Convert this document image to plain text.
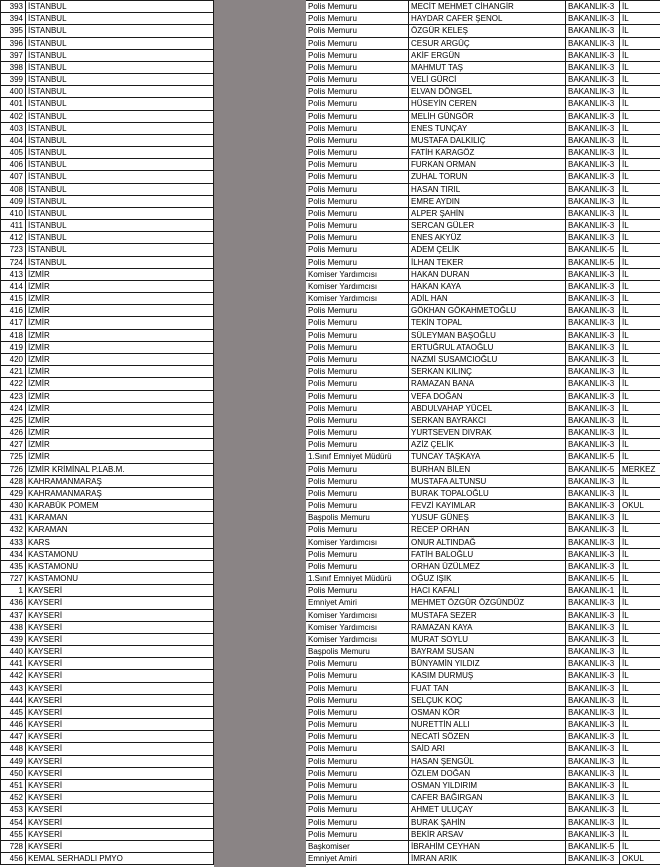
393 İSTANBUL	Polis Memuru	MECİT MEHMET CİHANGİR	BAKANLIK-3 İL
394 İSTANBUL	Polis Memuru	HAYDAR CAFER ŞENOL	BAKANLIK-3 İL
395 İSTANBUL	Polis Memuru	ÖZGÜR KELEŞ	BAKANLIK-3 İL
396 İSTANBUL	Polis Memuru	CESUR ARGÜÇ	BAKANLIK-3 İL
397 İSTANBUL	Polis Memuru	AKİF ERGÜN	BAKANLIK-3 İL
398 İSTANBUL	Polis Memuru	MAHMUT TAŞ	BAKANLIK-3 İL
399 İSTANBUL	Polis Memuru	VELİ GÜRCİ	BAKANLIK-3 İL
400 İSTANBUL	Polis Memuru	ELVAN DÖNGEL	BAKANLIK-3 İL
401 İSTANBUL	Polis Memuru	HÜSEYİN CEREN	BAKANLIK-3 İL
402 İSTANBUL	Polis Memuru	MELİH GÜNGÖR	BAKANLIK-3 İL
403 İSTANBUL	Polis Memuru	ENES TUNÇAY	BAKANLIK-3 İL
404 İSTANBUL	Polis Memuru	MUSTAFA DALKILIÇ	BAKANLIK-3 İL
405 İSTANBUL	Polis Memuru	FATİH KARAGÖZ	BAKANLIK-3 İL
406 İSTANBUL	Polis Memuru	FURKAN ORMAN	BAKANLIK-3 İL
407 İSTANBUL	Polis Memuru	ZUHAL TORUN	BAKANLIK-3 İL
408 İSTANBUL	Polis Memuru	HASAN TIRIL	BAKANLIK-3 İL
409 İSTANBUL	Polis Memuru	EMRE AYDIN	BAKANLIK-3 İL
410 İSTANBUL	Polis Memuru	ALPER ŞAHİN	BAKANLIK-3 İL
411 İSTANBUL	Polis Memuru	SERCAN GÜLER	BAKANLIK-3 İL
412 İSTANBUL	Polis Memuru	ENES AKYÜZ	BAKANLIK-3 İL
723 İSTANBUL	Polis Memuru	ADEM ÇELİK	BAKANLIK-5 İL
724 İSTANBUL	Polis Memuru	İLHAN TEKER	BAKANLIK-5 İL
413 İZMİR	Komiser Yardımcısı	HAKAN DURAN	BAKANLIK-3 İL
414 İZMİR	Komiser Yardımcısı	HAKAN KAYA	BAKANLIK-3 İL
415 İZMİR	Komiser Yardımcısı	ADİL HAN	BAKANLIK-3 İL
416 İZMİR	Polis Memuru	GÖKHAN GÖKAHMETOĞLU	BAKANLIK-3 İL
417 İZMİR	Polis Memuru	TEKİN TOPAL	BAKANLIK-3 İL
418 İZMİR	Polis Memuru	SÜLEYMAN BAŞOĞLU	BAKANLIK-3 İL
419 İZMİR	Polis Memuru	ERTUĞRUL ATAOĞLU	BAKANLIK-3 İL
420 İZMİR	Polis Memuru	NAZMİ SUSAMCIOĞLU	BAKANLIK-3 İL
421 İZMİR	Polis Memuru	SERKAN KILINÇ	BAKANLIK-3 İL
422 İZMİR	Polis Memuru	RAMAZAN BANA	BAKANLIK-3 İL
423 İZMİR	Polis Memuru	VEFA DOĞAN	BAKANLIK-3 İL
424 İZMİR	Polis Memuru	ABDULVAHAP YÜCEL	BAKANLIK-3 İL
425 İZMİR	Polis Memuru	SERKAN BAYRAKCI	BAKANLIK-3 İL
426 İZMİR	Polis Memuru	YURTSEVEN DIVRAK	BAKANLIK-3 İL
427 İZMİR	Polis Memuru	AZİZ ÇELİK	BAKANLIK-3 İL
725 İZMİR	1.Sınıf Emniyet Müdürü	TUNCAY TAŞKAYA	BAKANLIK-5 İL
726 İZMİR KRİMİNAL P.LAB.M.	Polis Memuru	BURHAN BİLEN	BAKANLIK-5 MERKEZ
428 KAHRAMANMARAŞ	Polis Memuru	MUSTAFA ALTUNSU	BAKANLIK-3 İL
429 KAHRAMANMARAŞ	Polis Memuru	BURAK TOPALOĞLU	BAKANLIK-3 İL
430 KARABÜK POMEM	Polis Memuru	FEVZİ KAYIMLAR	BAKANLIK-3 OKUL
431 KARAMAN	Başpolis Memuru	YUSUF GÜNEŞ	BAKANLIK-3 İL
432 KARAMAN	Polis Memuru	RECEP ORHAN	BAKANLIK-3 İL
433 KARS	Komiser Yardımcısı	ONUR ALTINDAĞ	BAKANLIK-3 İL
434 KASTAMONU	Polis Memuru	FATİH BALOĞLU	BAKANLIK-3 İL
435 KASTAMONU	Polis Memuru	ORHAN ÜZÜLMEZ	BAKANLIK-3 İL
727 KASTAMONU	1.Sınıf Emniyet Müdürü	OĞUZ IŞIK	BAKANLIK-5 İL
1 KAYSERİ	Polis Memuru	HACI KAFALI	BAKANLIK-1 İL
436 KAYSERİ	Emniyet Amiri	MEHMET ÖZGÜR ÖZGÜNDÜZ	BAKANLIK-3 İL
437 KAYSERİ	Komiser Yardımcısı	MUSTAFA SEZER	BAKANLIK-3 İL
438 KAYSERİ	Komiser Yardımcısı	RAMAZAN KAYA	BAKANLIK-3 İL
439 KAYSERİ	Komiser Yardımcısı	MURAT SOYLU	BAKANLIK-3 İL
440 KAYSERİ	Başpolis Memuru	BAYRAM SUSAN	BAKANLIK-3 İL
441 KAYSERİ	Polis Memuru	BÜNYAMİN YILDIZ	BAKANLIK-3 İL
442 KAYSERİ	Polis Memuru	KASIM DURMUŞ	BAKANLIK-3 İL
443 KAYSERİ	Polis Memuru	FUAT TAN	BAKANLIK-3 İL
444 KAYSERİ	Polis Memuru	SELÇUK KOÇ	BAKANLIK-3 İL
445 KAYSERİ	Polis Memuru	OSMAN KÖR	BAKANLIK-3 İL
446 KAYSERİ	Polis Memuru	NURETTİN ALLI	BAKANLIK-3 İL
447 KAYSERİ	Polis Memuru	NECATİ SÖZEN	BAKANLIK-3 İL
448 KAYSERİ	Polis Memuru	SAİD ARI	BAKANLIK-3 İL
449 KAYSERİ	Polis Memuru	HASAN ŞENGÜL	BAKANLIK-3 İL
450 KAYSERİ	Polis Memuru	ÖZLEM DOĞAN	BAKANLIK-3 İL
451 KAYSERİ	Polis Memuru	OSMAN YILDIRIM	BAKANLIK-3 İL
452 KAYSERİ	Polis Memuru	CAFER BAĞIRGAN	BAKANLIK-3 İL
453 KAYSERİ	Polis Memuru	AHMET ULUÇAY	BAKANLIK-3 İL
454 KAYSERİ	Polis Memuru	BURAK ŞAHİN	BAKANLIK-3 İL
455 KAYSERİ	Polis Memuru	BEKİR ARSAV	BAKANLIK-3 İL
728 KAYSERİ	Başkomiser	İBRAHİM CEYHAN	BAKANLIK-5 İL
456 KEMAL SERHADLI PMYO	Emniyet Amiri	İMRAN ARIK	BAKANLIK-3 OKUL
